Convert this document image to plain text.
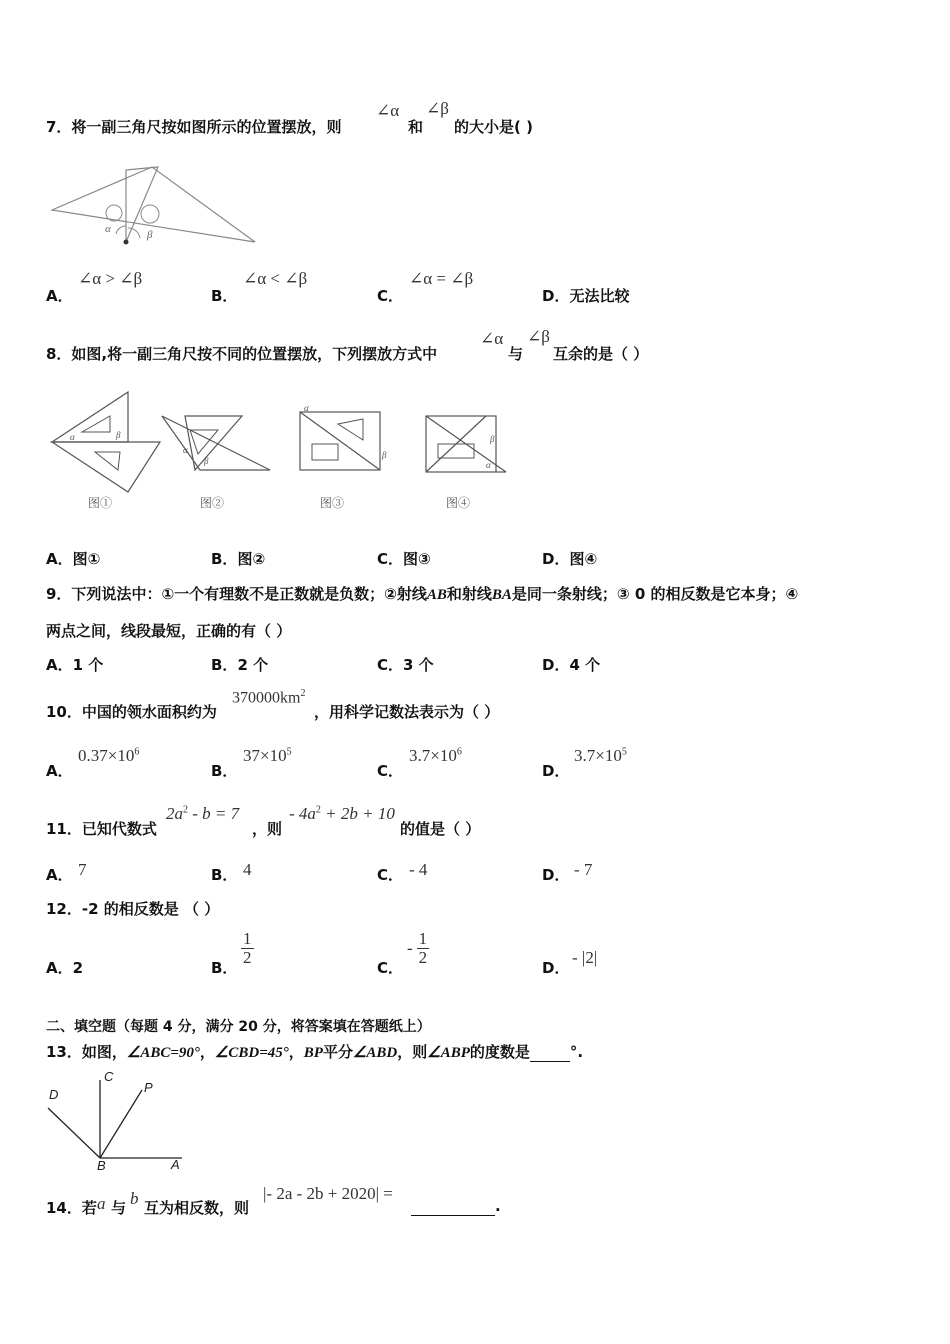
7．将一副三角尺按如图所示的位置摆放，则
∠α
和
∠β
的大小是( )
α	β
A．
∠α > ∠β
B．
∠α < ∠β
C．
∠α = ∠β
D．无法比较
8．如图,将一副三角尺按不同的位置摆放，下列摆放方式中
∠α
与
∠β
互余的是（ ）
α	β
图①
α
β
图②
α
β
图③
α
β
图④
A．图①	B．图②	C．图③	D．图④
9．下列说法中：①一个有理数不是正数就是负数；②射线AB和射线BA是同一条射线；③ 0 的相反数是它本身；④
两点之间，线段最短，正确的有（ ）
A．1 个	B．2 个	C．3 个	D．4 个
10．中国的领水面积约为
$370000km^2$
，用科学记数法表示为（ ）
A．
$0.37\times 10^6$
B．
$37\times 10^5$
C．
$3.7\times 10^6$
D．
$3.7\times 10^5$
11．已知代数式
$2a^2 - b = 7$
，则
- $4a^2 + 2b + 10$
的值是（ ）
A． 7	B． 4	C． - 4	D． - 7
12．-2 的相反数是 （ ）
A．2	B．
$\frac{1}{2}$
C．
- $\frac{1}{2}$
D．
- |2|
二、填空题（每题 4 分，满分 20 分，将答案填在答题纸上）
13．如图，∠ABC=90°，∠CBD=45°，BP平分∠ABD，则∠ABP的度数是	°.
D
C
P
B	A
14．若 a 与 b 互为相反数，则
|- 2a - 2b + 2020| =
.
